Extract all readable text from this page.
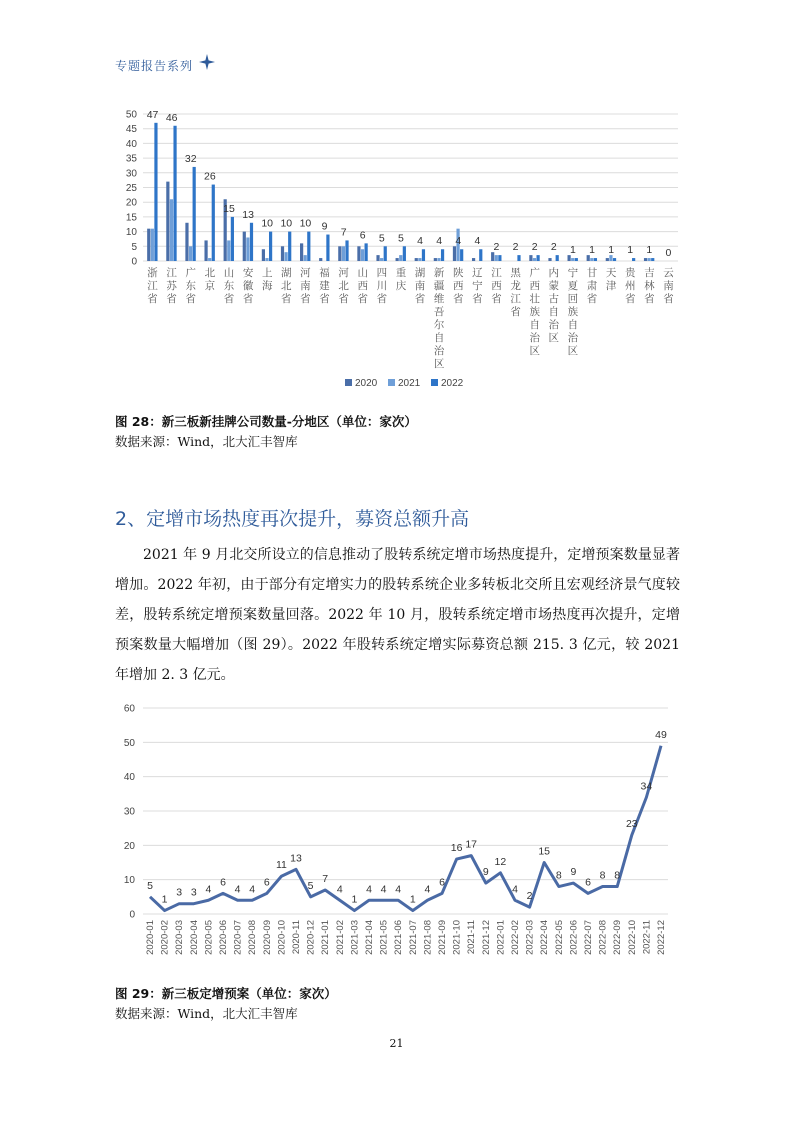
专题报告系列
0
5
10
15
20
25
30
35
40
45
50 47
浙
江
省
46
江
苏
省
32
广
东
省
26
北
京
15
山
东
省
13
安
徽
省
10
上
海
10
湖
北
省
10
河
南
省
9
福
建
省
7
河
北
省
6
山
西
省
5
四
川
省
5
重
庆
4
湖
南
省
4
新
疆
维
吾
尔
自
治
区
4
陕
西
省
4
辽
宁
省
2
江
西
省
2
黑
龙
江
省
2
广
西
壮
族
自
治
区
2
内
蒙
古
自
治
区
1
宁
夏
回
族
自
治
区
1
甘
肃
省
1
天
津
1
贵
州
省
1
吉
林
省
0
云
南
省
2020 2021 2022
图 28：新三板新挂牌公司数量-分地区（单位：家次）
数据来源：Wind，北大汇丰智库
2、定增市场热度再次提升，募资总额升高
2021 年 9 月北交所设立的信息推动了股转系统定增市场热度提升，定增预案数量显著增加。2022 年初，由于部分有定增实力的股转系统企业多转板北交所且宏观经济景气度较差，股转系统定增预案数量回落。2022 年 10 月，股转系统定增市场热度再次提升，定增预案数量大幅增加（图 29）。2022 年股转系统定增实际募资总额 215. 3 亿元，较 2021 年增加 2. 3 亿元。
0
10
20
30
40
50
60
5
1
3 3 4
6
4 4
6
11
13
5
7
4
1
4 4 4
1
4
6
16 17
9
12
4
2
15
8 9
6
8 8
23
34
49
2020-01 2020-02 2020-03 2020-04 2020-05 2020-06 2020-07 2020-08 2020-09 2020-10 2020-11 2020-12 2021-01 2021-02 2021-03 2021-04 2021-05 2021-06 2021-07 2021-08 2021-09 2021-10 2021-11 2021-12 2022-01 2022-02 2022-03 2022-04 2022-05 2022-06 2022-07 2022-08 2022-09 2022-10 2022-11 2022-12
图 29：新三板定增预案（单位：家次）
数据来源：Wind，北大汇丰智库
21
